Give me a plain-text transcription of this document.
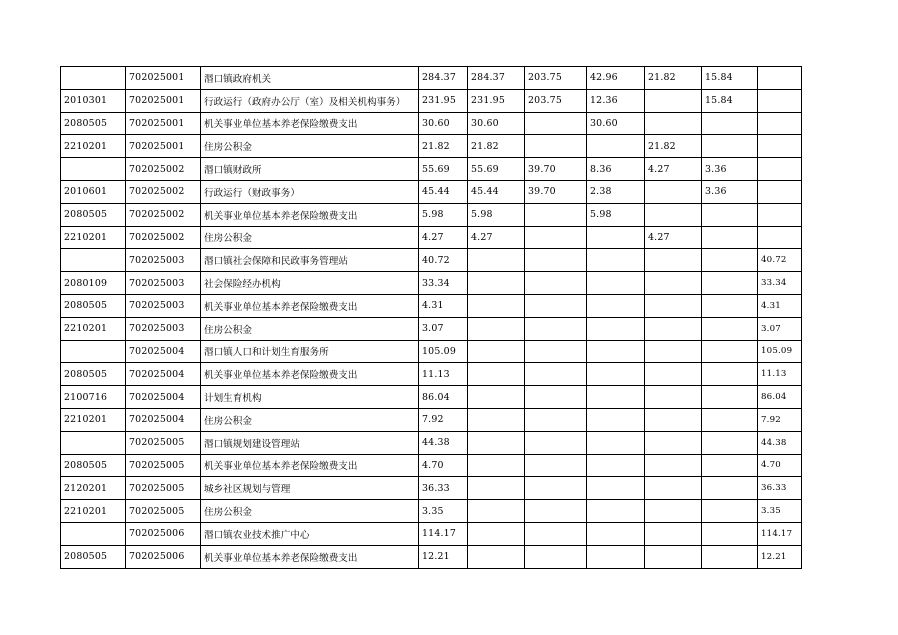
	702025001	湣口镇政府机关	284.37	284.37	203.75	42.96	21.82	15.84	
2010301	702025001	行政运行（政府办公厅（室）及相关机构事务）	231.95	231.95	203.75	12.36		15.84	
2080505	702025001	机关事业单位基本养老保险缴费支出	30.60	30.60		30.60			
2210201	702025001	住房公积金	21.82	21.82			21.82		
	702025002	湣口镇财政所	55.69	55.69	39.70	8.36	4.27	3.36	
2010601	702025002	行政运行（财政事务）	45.44	45.44	39.70	2.38		3.36	
2080505	702025002	机关事业单位基本养老保险缴费支出	5.98	5.98		5.98			
2210201	702025002	住房公积金	4.27	4.27			4.27		
	702025003	湣口镇社会保障和民政事务管理站	40.72						40.72
2080109	702025003	社会保险经办机构	33.34						33.34
2080505	702025003	机关事业单位基本养老保险缴费支出	4.31						4.31
2210201	702025003	住房公积金	3.07						3.07
	702025004	湣口镇人口和计划生育服务所	105.09						105.09
2080505	702025004	机关事业单位基本养老保险缴费支出	11.13						11.13
2100716	702025004	计划生育机构	86.04						86.04
2210201	702025004	住房公积金	7.92						7.92
	702025005	湣口镇规划建设管理站	44.38						44.38
2080505	702025005	机关事业单位基本养老保险缴费支出	4.70						4.70
2120201	702025005	城乡社区规划与管理	36.33						36.33
2210201	702025005	住房公积金	3.35						3.35
	702025006	湣口镇农业技术推广中心	114.17						114.17
2080505	702025006	机关事业单位基本养老保险缴费支出	12.21						12.21
